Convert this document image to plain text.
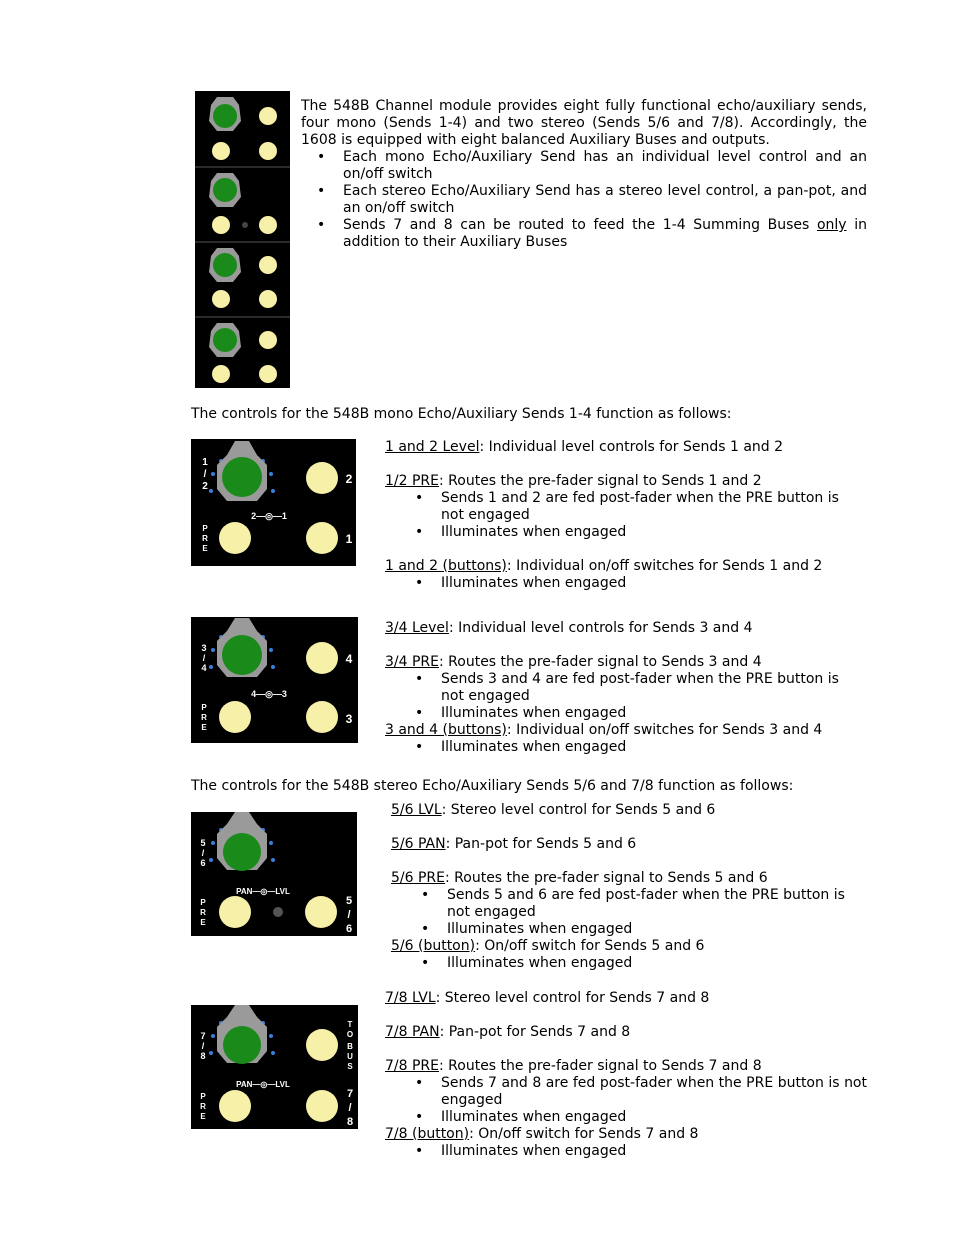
The 548B Channel module provides eight fully functional echo/auxiliary sends, four mono (Sends 1-4) and two stereo (Sends 5/6 and 7/8). Accordingly, the 1608 is equipped with eight balanced Auxiliary Buses and outputs.

• Each mono Echo/Auxiliary Send has an individual level control and an on/off switch
• Each stereo Echo/Auxiliary Send has a stereo level control, a pan-pot, and an on/off switch
• Sends 7 and 8 can be routed to feed the 1-4 Summing Buses only in addition to their Auxiliary Buses

The controls for the 548B mono Echo/Auxiliary Sends 1-4 function as follows:

1
/
2
P
R
E
2—◎—1
2
1

1 and 2 Level: Individual level controls for Sends 1 and 2

1/2 PRE: Routes the pre-fader signal to Sends 1 and 2

• Sends 1 and 2 are fed post-fader when the PRE button is not engaged
• Illuminates when engaged

1 and 2 (buttons): Individual on/off switches for Sends 1 and 2

• Illuminates when engaged
3
/
4
P
R
E
4—◎—3
4
3

3/4 Level: Individual level controls for Sends 3 and 4

3/4 PRE: Routes the pre-fader signal to Sends 3 and 4

• Sends 3 and 4 are fed post-fader when the PRE button is not engaged
• Illuminates when engaged

3 and 4 (buttons): Individual on/off switches for Sends 3 and 4

• Illuminates when engaged

The controls for the 548B stereo Echo/Auxiliary Sends 5/6 and 7/8 function as follows:

5
/
6
P
R
E
PAN—◎—LVL
5
/
6

5/6 LVL: Stereo level control for Sends 5 and 6

5/6 PAN: Pan-pot for Sends 5 and 6

5/6 PRE: Routes the pre-fader signal to Sends 5 and 6

• Sends 5 and 6 are fed post-fader when the PRE button is not engaged
• Illuminates when engaged

5/6 (button): On/off switch for Sends 5 and 6

• Illuminates when engaged
7
/
8
P
R
E
PAN—◎—LVL
T
O
B
U
S
7
/
8

7/8 LVL: Stereo level control for Sends 7 and 8

7/8 PAN: Pan-pot for Sends 7 and 8

7/8 PRE: Routes the pre-fader signal to Sends 7 and 8

• Sends 7 and 8 are fed post-fader when the PRE button is not engaged
• Illuminates when engaged

7/8 (button): On/off switch for Sends 7 and 8

• Illuminates when engaged
